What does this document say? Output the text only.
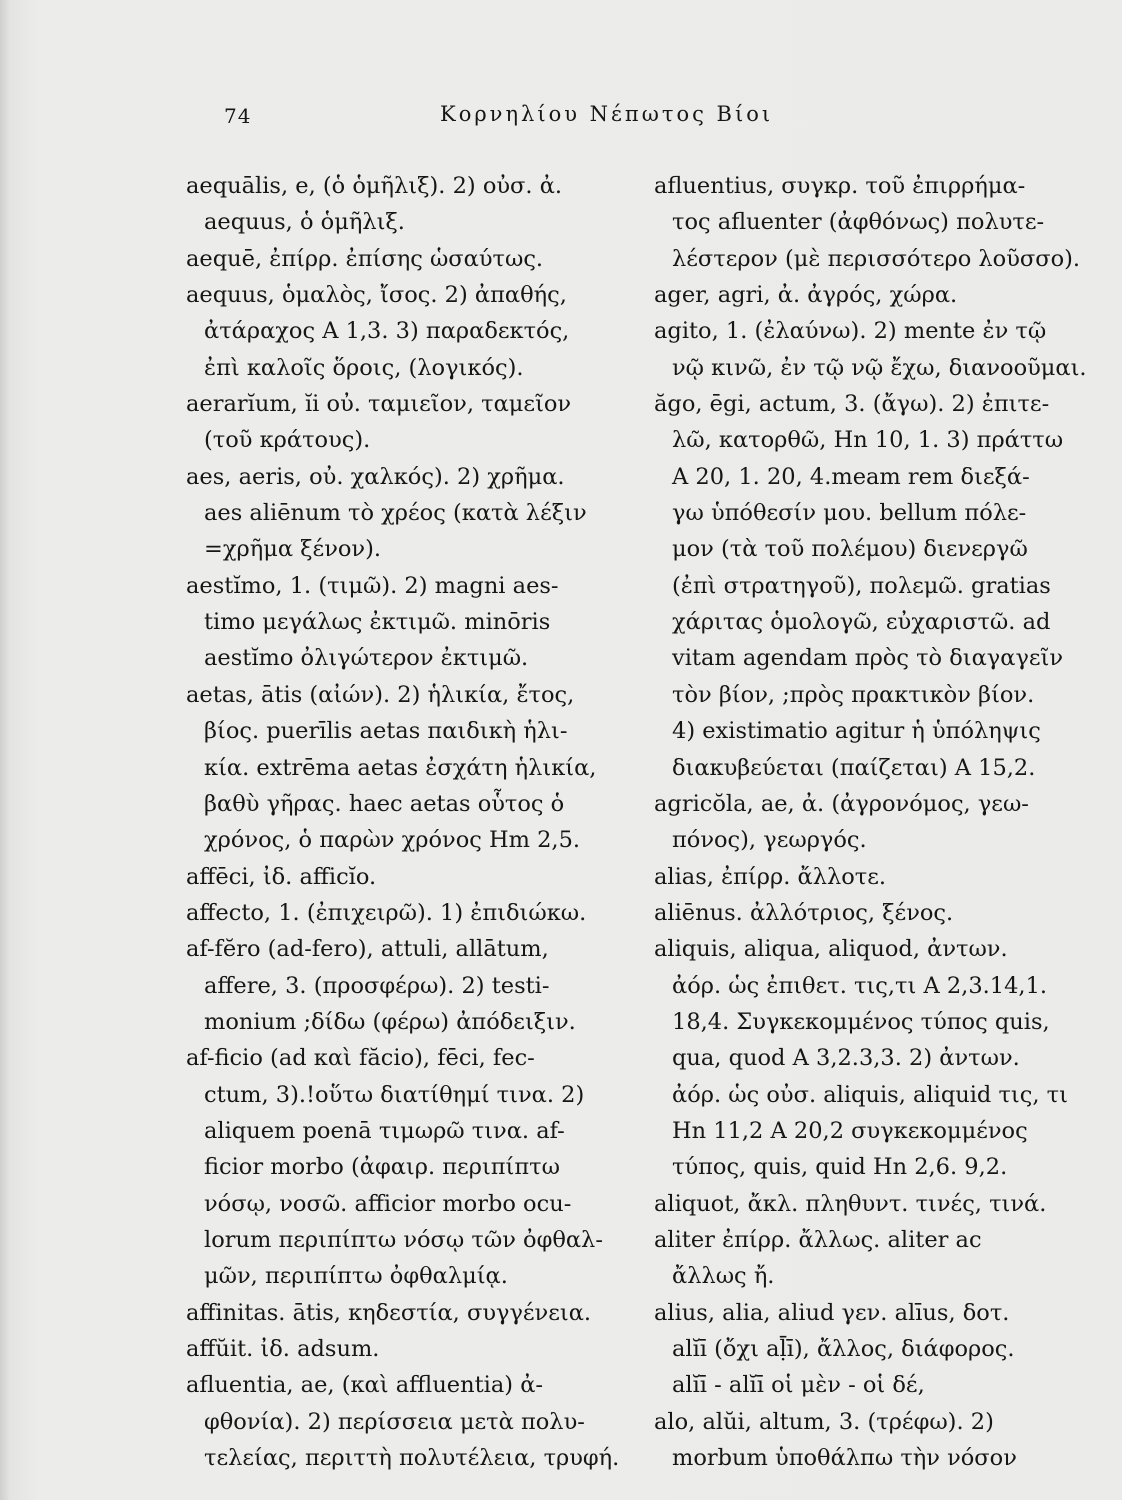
74	Κορνηλίου Νέπωτος Βίοι
aequālis, e, (ὁ ὁμῆλιξ). 2) οὐσ. ἀ.
aequus, ὁ ὁμῆλιξ.
aequē, ἐπίρρ. ἐπίσης ὡσαύτως.
aequus, ὁμαλὸς, ἴσος. 2) ἀπαθής,
ἀτάραχος A 1,3. 3) παραδεκτός,
ἐπὶ καλοῖς ὅροις, (λογικός).
aerarĭum, ĭi οὐ. ταμιεῖον, ταμεῖον
(τοῦ κράτους).
aes, aeris, οὐ. χαλκός). 2) χρῆμα.
aes aliēnum τὸ χρέος (κατὰ λέξιν
=χρῆμα ξένον).
aestĭmo, 1. (τιμῶ). 2) magni aes-
timo μεγάλως ἐκτιμῶ. minōris
aestĭmo ὀλιγώτερον ἐκτιμῶ.
aetas, ātis (αἰών). 2) ἡλικία, ἔτος,
βίος. puerīlis aetas παιδικὴ ἡλι-
κία. extrēma aetas ἐσχάτη ἡλικία,
βαθὺ γῆρας. haec aetas οὗτος ὁ
χρόνος, ὁ παρὼν χρόνος Hm 2,5.
affēci, ἰδ. afficĭo.
affecto, 1. (ἐπιχειρῶ). 1) ἐπιδιώκω.
af-fĕro (ad-fero), attuli, allātum,
affere, 3. (προσφέρω). 2) testi-
monium ;δίδω (φέρω) ἀπόδειξιν.
af-ficio (ad καὶ făcio), fēci, fec-
ctum, 3).!οὕτω διατίθημί τινα. 2)
aliquem poenā τιμωρῶ τινα. af-
ficior morbo (ἀφαιρ. περιπίπτω
νόσῳ, νοσῶ. afficior morbo ocu-
lorum περιπίπτω νόσῳ τῶν ὀφθαλ-
μῶν, περιπίπτω ὀφθαλμίᾳ.
affinitas. ātis, κηδεστία, συγγένεια.
affŭit. ἰδ. adsum.
afluentia, ae, (καὶ affluentia) ἀ-
φθονία). 2) περίσσεια μετὰ πολυ-
τελείας, περιττὴ πολυτέλεια, τρυφή.
afluentius, συγκρ. τοῦ ἐπιρρήμα-
τος afluenter (ἀφθόνως) πολυτε-
λέστερον (μὲ περισσότερο λοῦσσο).
ager, agri, ἀ. ἀγρός, χώρα.
agito, 1. (ἐλαύνω). 2) mente ἐν τῷ
νῷ κινῶ, ἐν τῷ νῷ ἔχω, διανοοῦμαι.
ăgo, ēgi, actum, 3. (ἄγω). 2) ἐπιτε-
λῶ, κατορθῶ, Hn 10, 1. 3) πράττω
A 20, 1. 20, 4.meam rem διεξά-
γω ὑπόθεσίν μου. bellum πόλε-
μον (τὰ τοῦ πολέμου) διενεργῶ
(ἐπὶ στρατηγοῦ), πολεμῶ. gratias
χάριτας ὁμολογῶ, εὐχαριστῶ. ad
vitam agendam πρὸς τὸ διαγαγεῖν
τὸν βίον, ;πρὸς πρακτικὸν βίον.
4) existimatio agitur ἡ ὑπόληψις
διακυβεύεται (παίζεται) A 15,2.
agricŏla, ae, ἀ. (ἀγρονόμος, γεω-
πόνος), γεωργός.
alias, ἐπίρρ. ἄλλοτε.
aliēnus. ἀλλότριος, ξένος.
aliquis, aliqua, aliquod, ἀντων.
ἀόρ. ὡς ἐπιθετ. τις,τι A 2,3.14,1.
18,4. Συγκεκομμένος τύπος quis,
qua, quod A 3,2.3,3. 2) ἀντων.
ἀόρ. ὡς οὐσ. aliquis, aliquid τις, τι
Hn 11,2 A 20,2 συγκεκομμένος
τύπος, quis, quid Hn 2,6. 9,2.
aliquot, ἄκλ. πληθυντ. τινές, τινά.
aliter ἐπίρρ. ἄλλως. aliter ac
ἄλλως ἤ.
alius, alia, aliud γεν. alīus, δοτ.
alĭī (ὄχι aḹī), ἄλλος, διάφορος.
alĭī - alĭī οἱ μὲν - οἱ δέ,
alo, alŭi, altum, 3. (τρέφω). 2)
morbum ὑποθάλπω τὴν νόσον
